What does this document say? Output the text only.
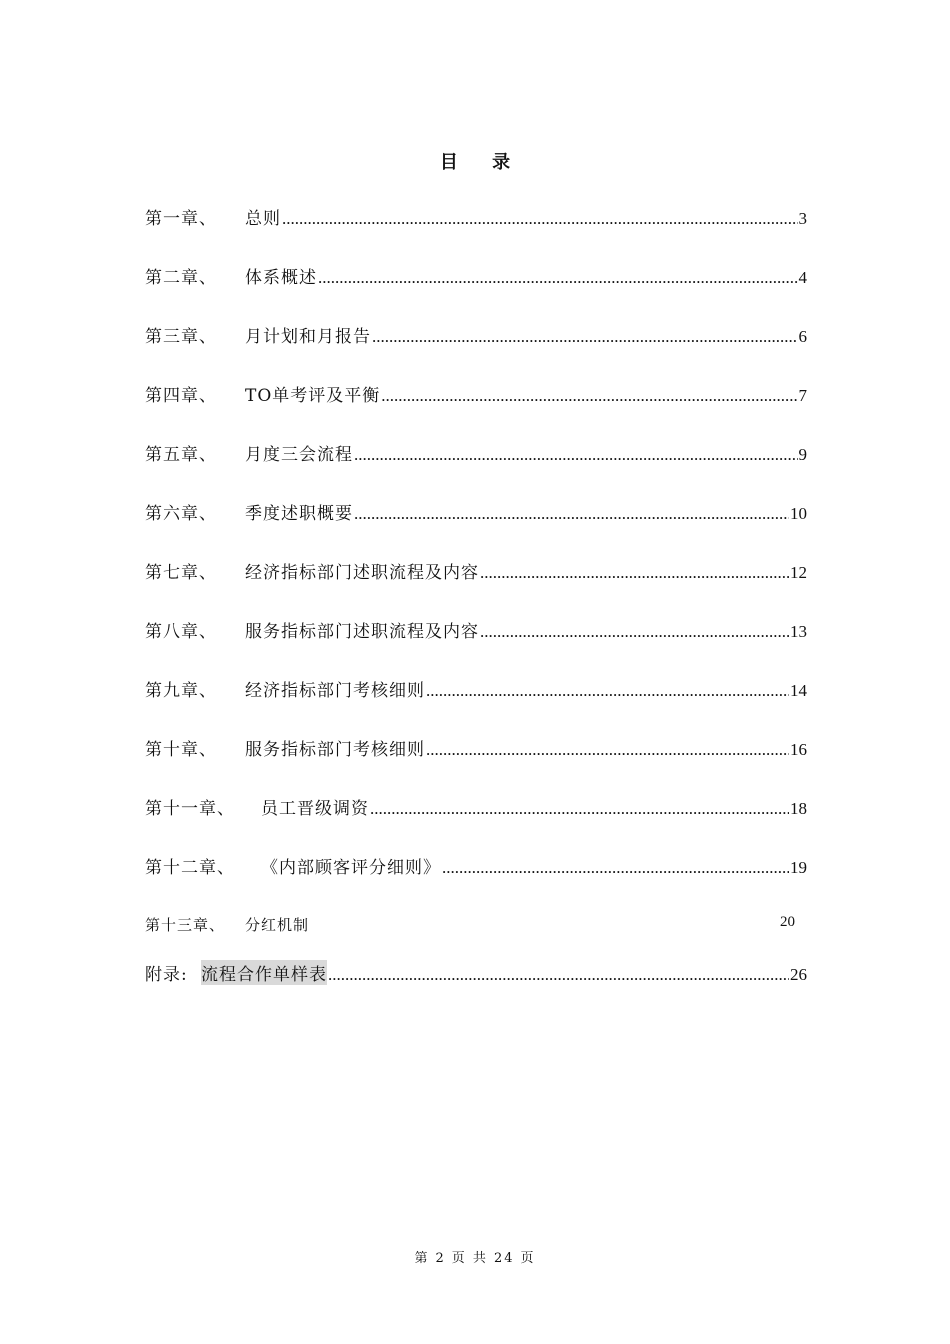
目 录
第一章、	总则 .....	3
第二章、	体系概述 .....	4
第三章、	月计划和月报告 .....	6
第四章、	TO单考评及平衡 .....	7
第五章、	月度三会流程 .....	9
第六章、	季度述职概要 .....	10
第七章、	经济指标部门述职流程及内容 .....	12
第八章、	服务指标部门述职流程及内容 .....	13
第九章、	经济指标部门考核细则 .....	14
第十章、	服务指标部门考核细则 .....	16
第十一章、	员工晋级调资 .....	18
第十二章、	《内部顾客评分细则》 .....	19
第十三章、	分红机制	20
附录: 流程合作单样表 .....	26
第 2 页 共 24 页
